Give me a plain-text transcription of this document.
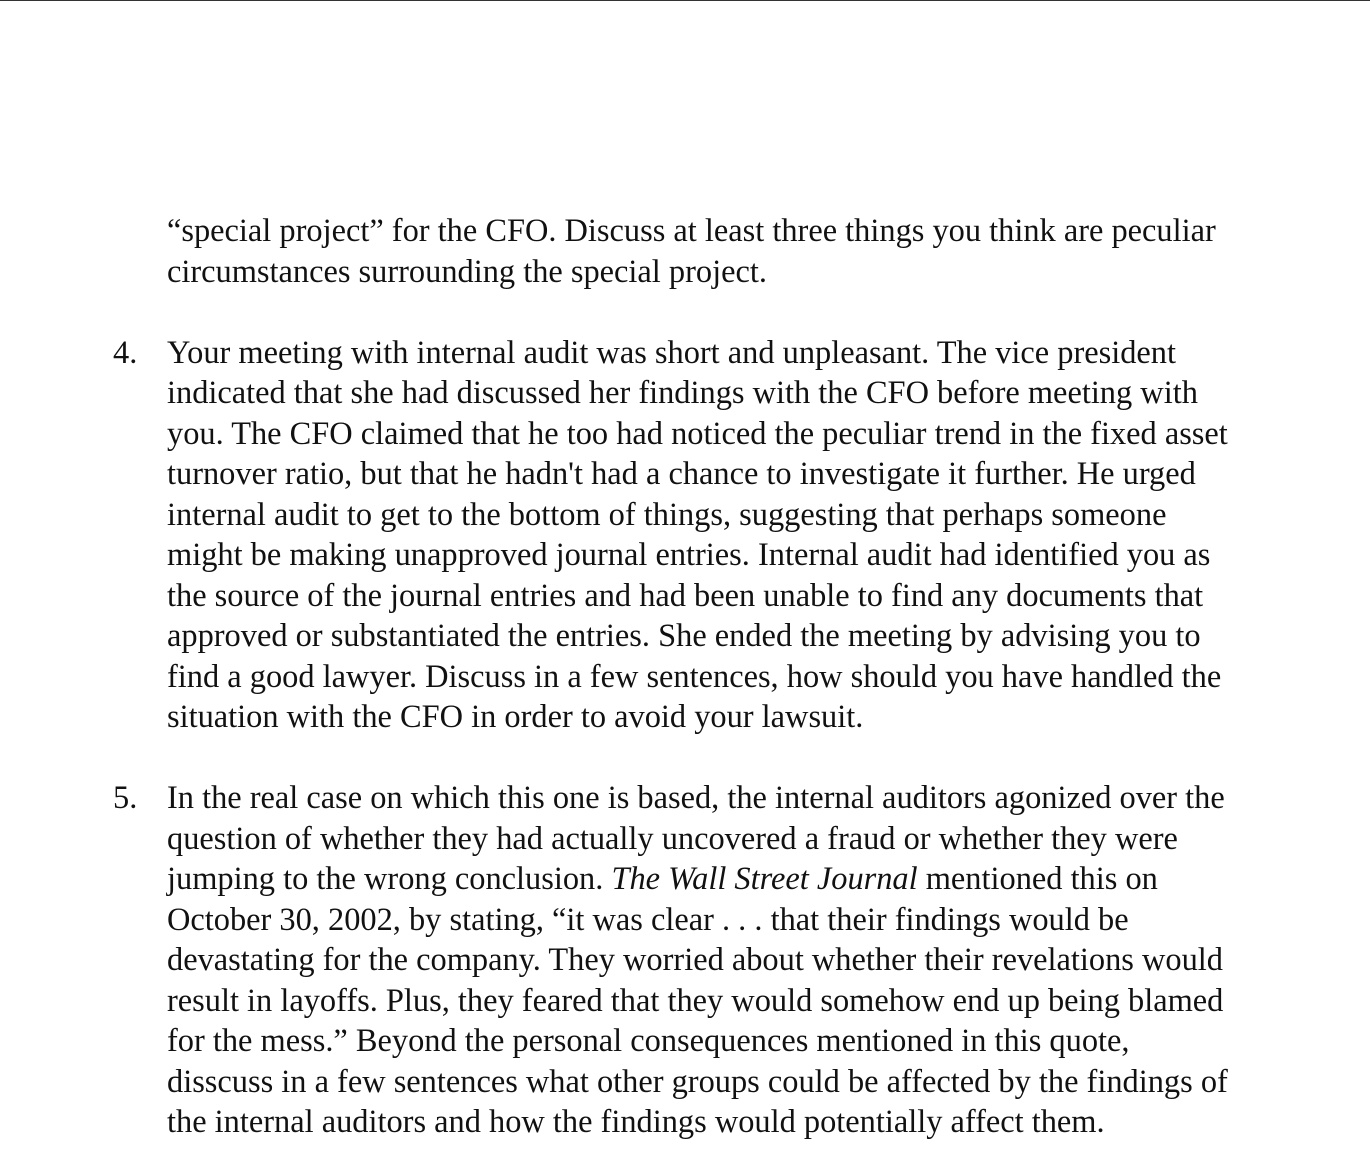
“special project” for the CFO. Discuss at least three things you think are peculiar
circumstances surrounding the special project.

4. Your meeting with internal audit was short and unpleasant. The vice president
indicated that she had discussed her findings with the CFO before meeting with
you. The CFO claimed that he too had noticed the peculiar trend in the fixed asset
turnover ratio, but that he hadn't had a chance to investigate it further. He urged
internal audit to get to the bottom of things, suggesting that perhaps someone
might be making unapproved journal entries. Internal audit had identified you as
the source of the journal entries and had been unable to find any documents that
approved or substantiated the entries. She ended the meeting by advising you to
find a good lawyer. Discuss in a few sentences, how should you have handled the
situation with the CFO in order to avoid your lawsuit.

5. In the real case on which this one is based, the internal auditors agonized over the
question of whether they had actually uncovered a fraud or whether they were
jumping to the wrong conclusion. The Wall Street Journal mentioned this on
October 30, 2002, by stating, “it was clear . . . that their findings would be
devastating for the company. They worried about whether their revelations would
result in layoffs. Plus, they feared that they would somehow end up being blamed
for the mess.” Beyond the personal consequences mentioned in this quote,
disscuss in a few sentences what other groups could be affected by the findings of
the internal auditors and how the findings would potentially affect them.
